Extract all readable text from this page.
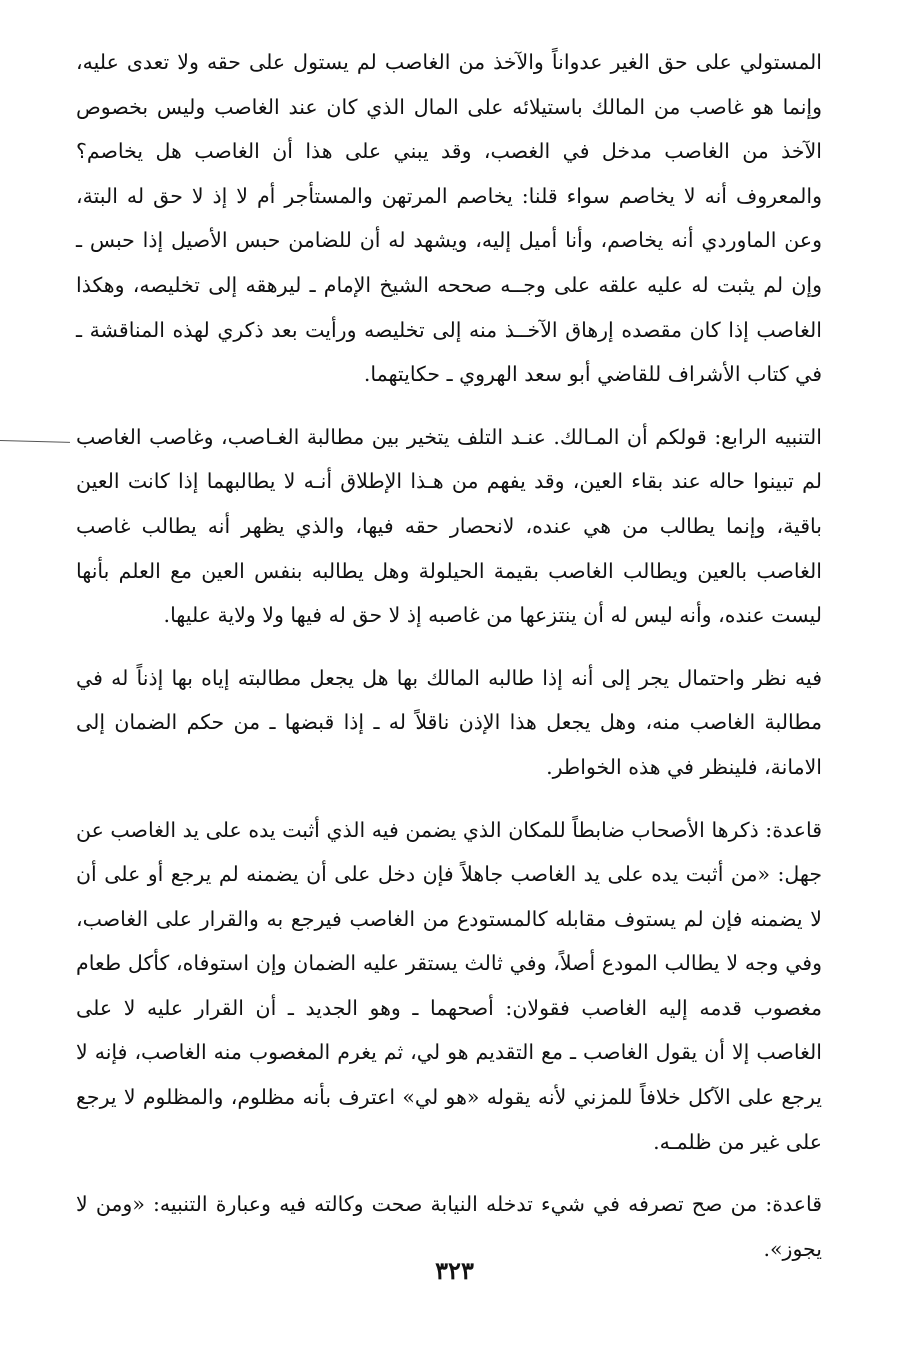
المستولي على حق الغير عدواناً والآخذ من الغاصب لم يستول على حقه ولا تعدى عليه، وإنما هو غاصب من المالك باستيلائه على المال الذي كان عند الغاصب وليس بخصوص الآخذ من الغاصب مدخل في الغصب، وقد يبني على هذا أن الغاصب هل يخاصم؟ والمعروف أنه لا يخاصم سواء قلنا: يخاصم المرتهن والمستأجر أم لا إذ لا حق له البتة، وعن الماوردي أنه يخاصم، وأنا أميل إليه، ويشهد له أن للضامن حبس الأصيل إذا حبس ـ وإن لم يثبت له عليه علقه على وجــه صححه الشيخ الإمام ـ ليرهقه إلى تخليصه، وهكذا الغاصب إذا كان مقصده إرهاق الآخــذ منه إلى تخليصه ورأيت بعد ذكري لهذه المناقشة ـ في كتاب الأشراف للقاضي أبو سعد الهروي ـ حكايتهما.

التنبيه الرابع: قولكم أن المـالك. عنـد التلف يتخير بين مطالبة الغـاصب، وغاصب الغاصب لم تبينوا حاله عند بقاء العين، وقد يفهم من هـذا الإطلاق أنـه لا يطالبهما إذا كانت العين باقية، وإنما يطالب من هي عنده، لانحصار حقه فيها، والذي يظهر أنه يطالب غاصب الغاصب بالعين ويطالب الغاصب بقيمة الحيلولة وهل يطالبه بنفس العين مع العلم بأنها ليست عنده، وأنه ليس له أن ينتزعها من غاصبه إذ لا حق له فيها ولا ولاية عليها.

فيه نظر واحتمال يجر إلى أنه إذا طالبه المالك بها هل يجعل مطالبته إياه بها إذناً له في مطالبة الغاصب منه، وهل يجعل هذا الإذن ناقلاً له ـ إذا قبضها ـ من حكم الضمان إلى الامانة، فلينظر في هذه الخواطر.

قاعدة: ذكرها الأصحاب ضابطاً للمكان الذي يضمن فيه الذي أثبت يده على يد الغاصب عن جهل: «من أثبت يده على يد الغاصب جاهلاً فإن دخل على أن يضمنه لم يرجع أو على أن لا يضمنه فإن لم يستوف مقابله كالمستودع من الغاصب فيرجع به والقرار على الغاصب، وفي وجه لا يطالب المودع أصلاً، وفي ثالث يستقر عليه الضمان وإن استوفاه، كأكل طعام مغصوب قدمه إليه الغاصب فقولان: أصحهما ـ وهو الجديد ـ أن القرار عليه لا على الغاصب إلا أن يقول الغاصب ـ مع التقديم هو لي، ثم يغرم المغصوب منه الغاصب، فإنه لا يرجع على الآكل خلافاً للمزني لأنه يقوله «هو لي» اعترف بأنه مظلوم، والمظلوم لا يرجع على غير من ظلمـه.

قاعدة: من صح تصرفه في شيء تدخله النيابة صحت وكالته فيه وعبارة التنبيه: «ومن لا يجوز».

٣٢٣
